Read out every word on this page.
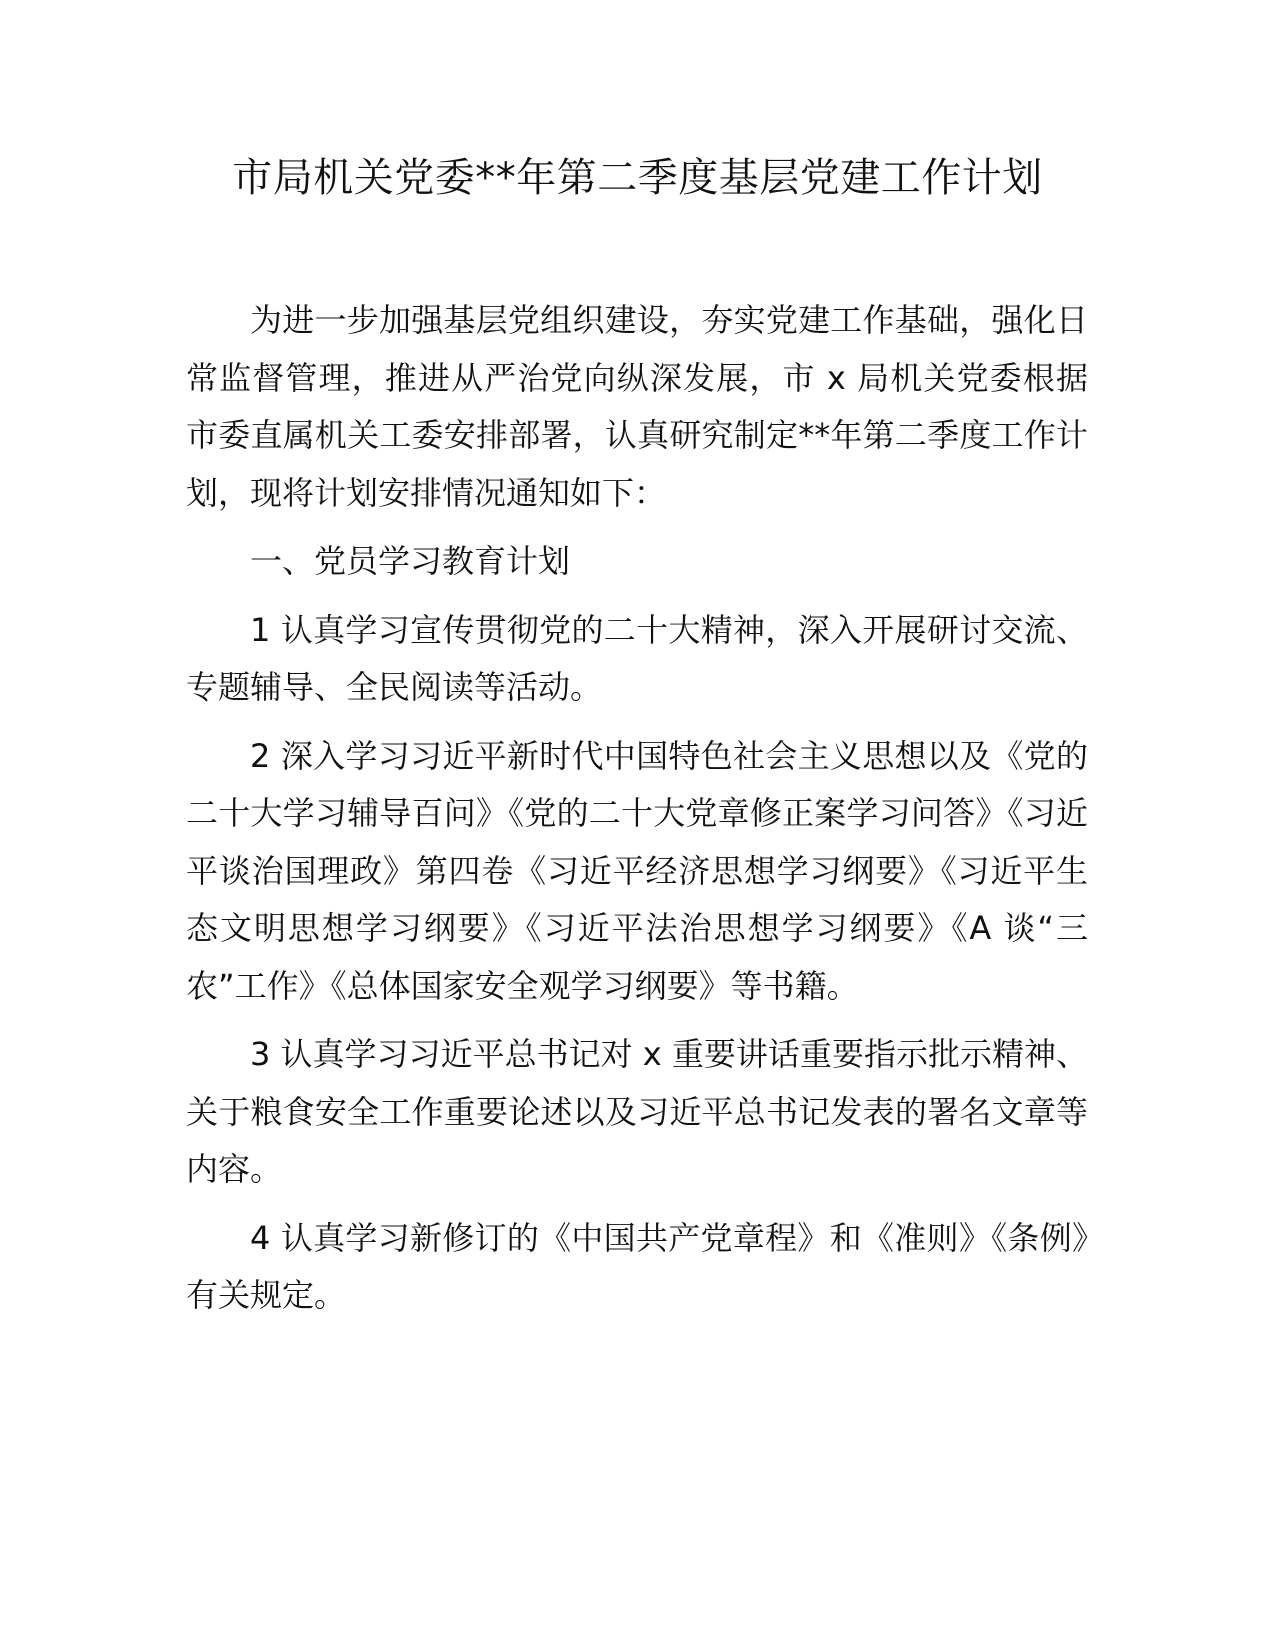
市局机关党委**年第二季度基层党建工作计划

为进一步加强基层党组织建设，夯实党建工作基础，强化日常监督管理，推进从严治党向纵深发展，市 x 局机关党委根据市委直属机关工委安排部署，认真研究制定**年第二季度工作计划，现将计划安排情况通知如下：

一、党员学习教育计划

1 认真学习宣传贯彻党的二十大精神，深入开展研讨交流、专题辅导、全民阅读等活动。

2 深入学习习近平新时代中国特色社会主义思想以及《党的二十大学习辅导百问》《党的二十大党章修正案学习问答》《习近平谈治国理政》第四卷《习近平经济思想学习纲要》《习近平生态文明思想学习纲要》《习近平法治思想学习纲要》《A 谈“三农”工作》《总体国家安全观学习纲要》等书籍。

3 认真学习习近平总书记对 x 重要讲话重要指示批示精神、关于粮食安全工作重要论述以及习近平总书记发表的署名文章等内容。

4 认真学习新修订的《中国共产党章程》和《准则》《条例》有关规定。
